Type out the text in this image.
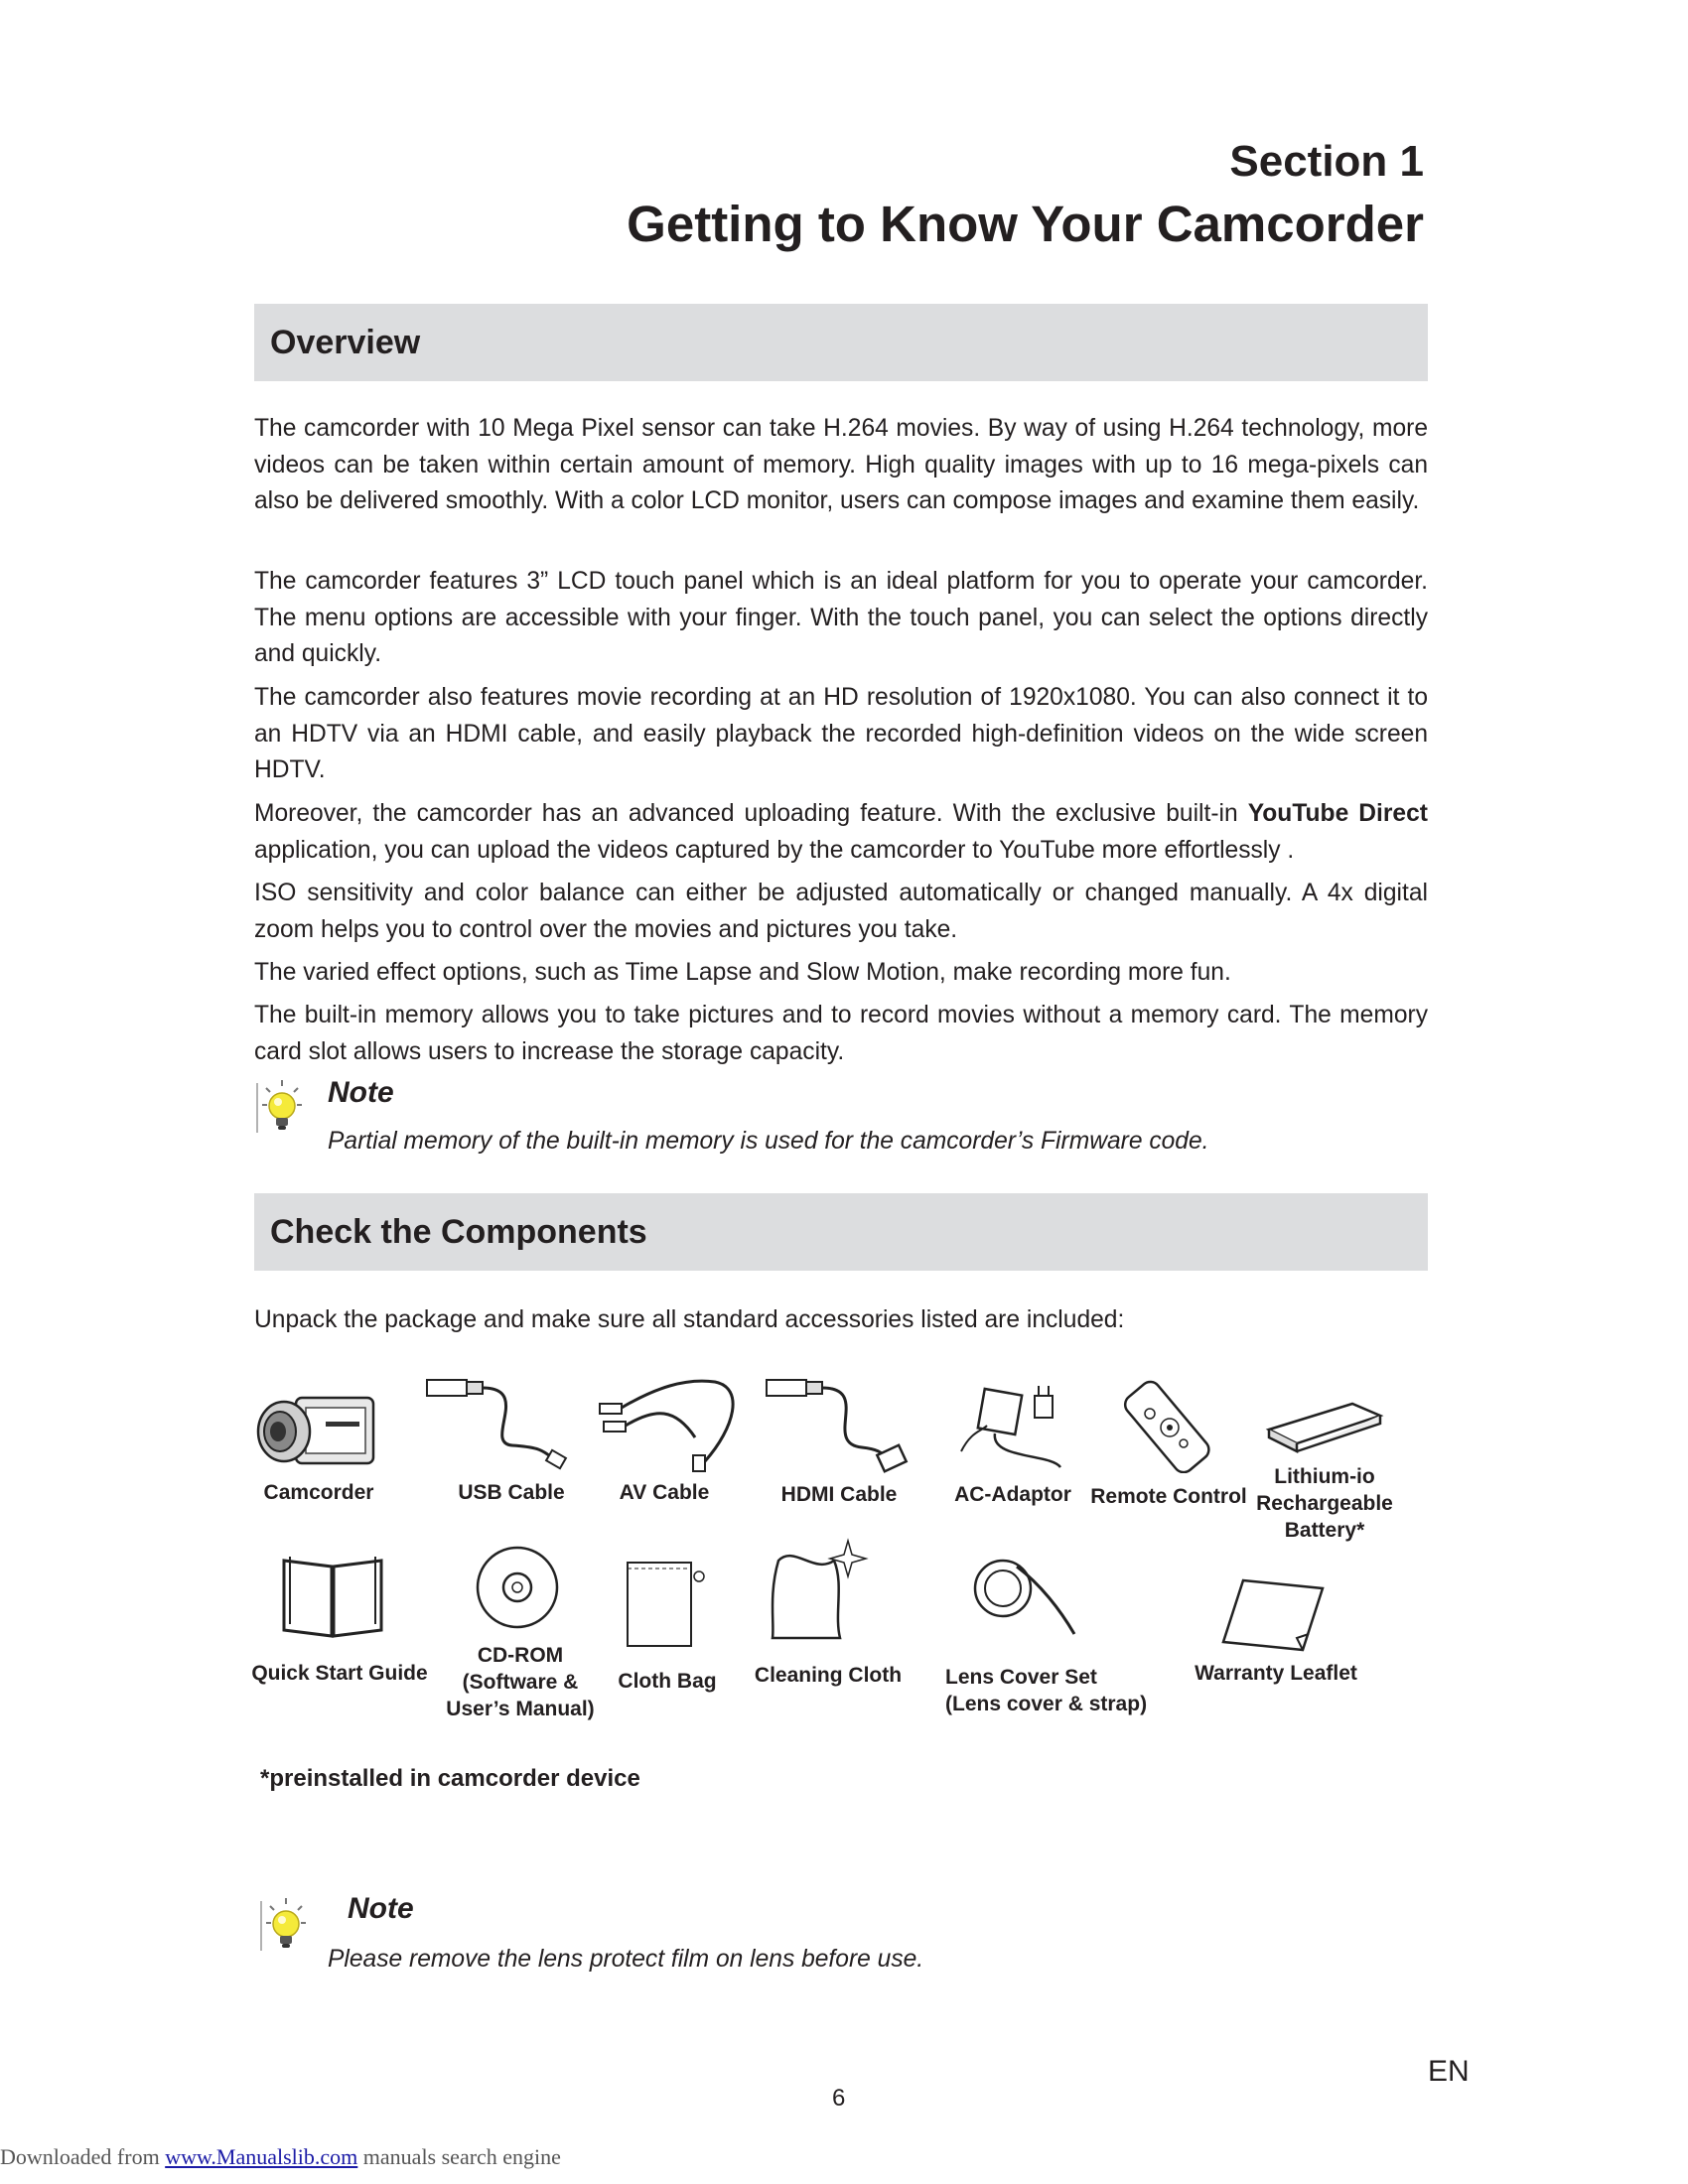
Section 1
Getting to Know Your Camcorder
Overview

The camcorder with 10 Mega Pixel sensor can take H.264 movies. By way of using H.264 technology, more videos can be taken within certain amount of memory. High quality images with up to 16 mega-pixels can also be delivered smoothly. With a color LCD monitor, users can compose images and examine them easily.

The camcorder features 3” LCD touch panel which is an ideal platform for you to operate your camcorder. The menu options are accessible with your finger. With the touch panel, you can select the options directly and quickly.

The camcorder also features movie recording at an HD resolution of 1920x1080. You can also connect it to an HDTV via an HDMI cable, and easily playback the recorded high-definition videos on the wide screen HDTV.

Moreover, the camcorder has an advanced uploading feature. With the exclusive built-in YouTube Direct application, you can upload the videos captured by the camcorder to YouTube more effortlessly .

ISO sensitivity and color balance can either be adjusted automatically or changed manually. A 4x digital zoom helps you to control over the movies and pictures you take.

The varied effect options, such as Time Lapse and Slow Motion, make recording more fun.

The built-in memory allows you to take pictures and to record movies without a memory card. The memory card slot allows users to increase the storage capacity.

Note
Partial memory of the built-in memory is used for the camcorder’s Firmware code.
Check the Components

Unpack the package and make sure all standard accessories listed are included:

Camcorder	USB Cable	AV Cable	HDMI Cable	AC-Adaptor Remote Control
Lithium-io
Rechargeable
Battery*
Quick Start Guide
CD-ROM
(Software &
User’s Manual)
Cloth Bag	Cleaning Cloth Lens Cover Set
(Lens cover & strap)
Warranty Leaflet
*preinstalled in camcorder device
Note
Please remove the lens protect film on lens before use.
EN
6
Downloaded from www.Manualslib.com manuals search engine
